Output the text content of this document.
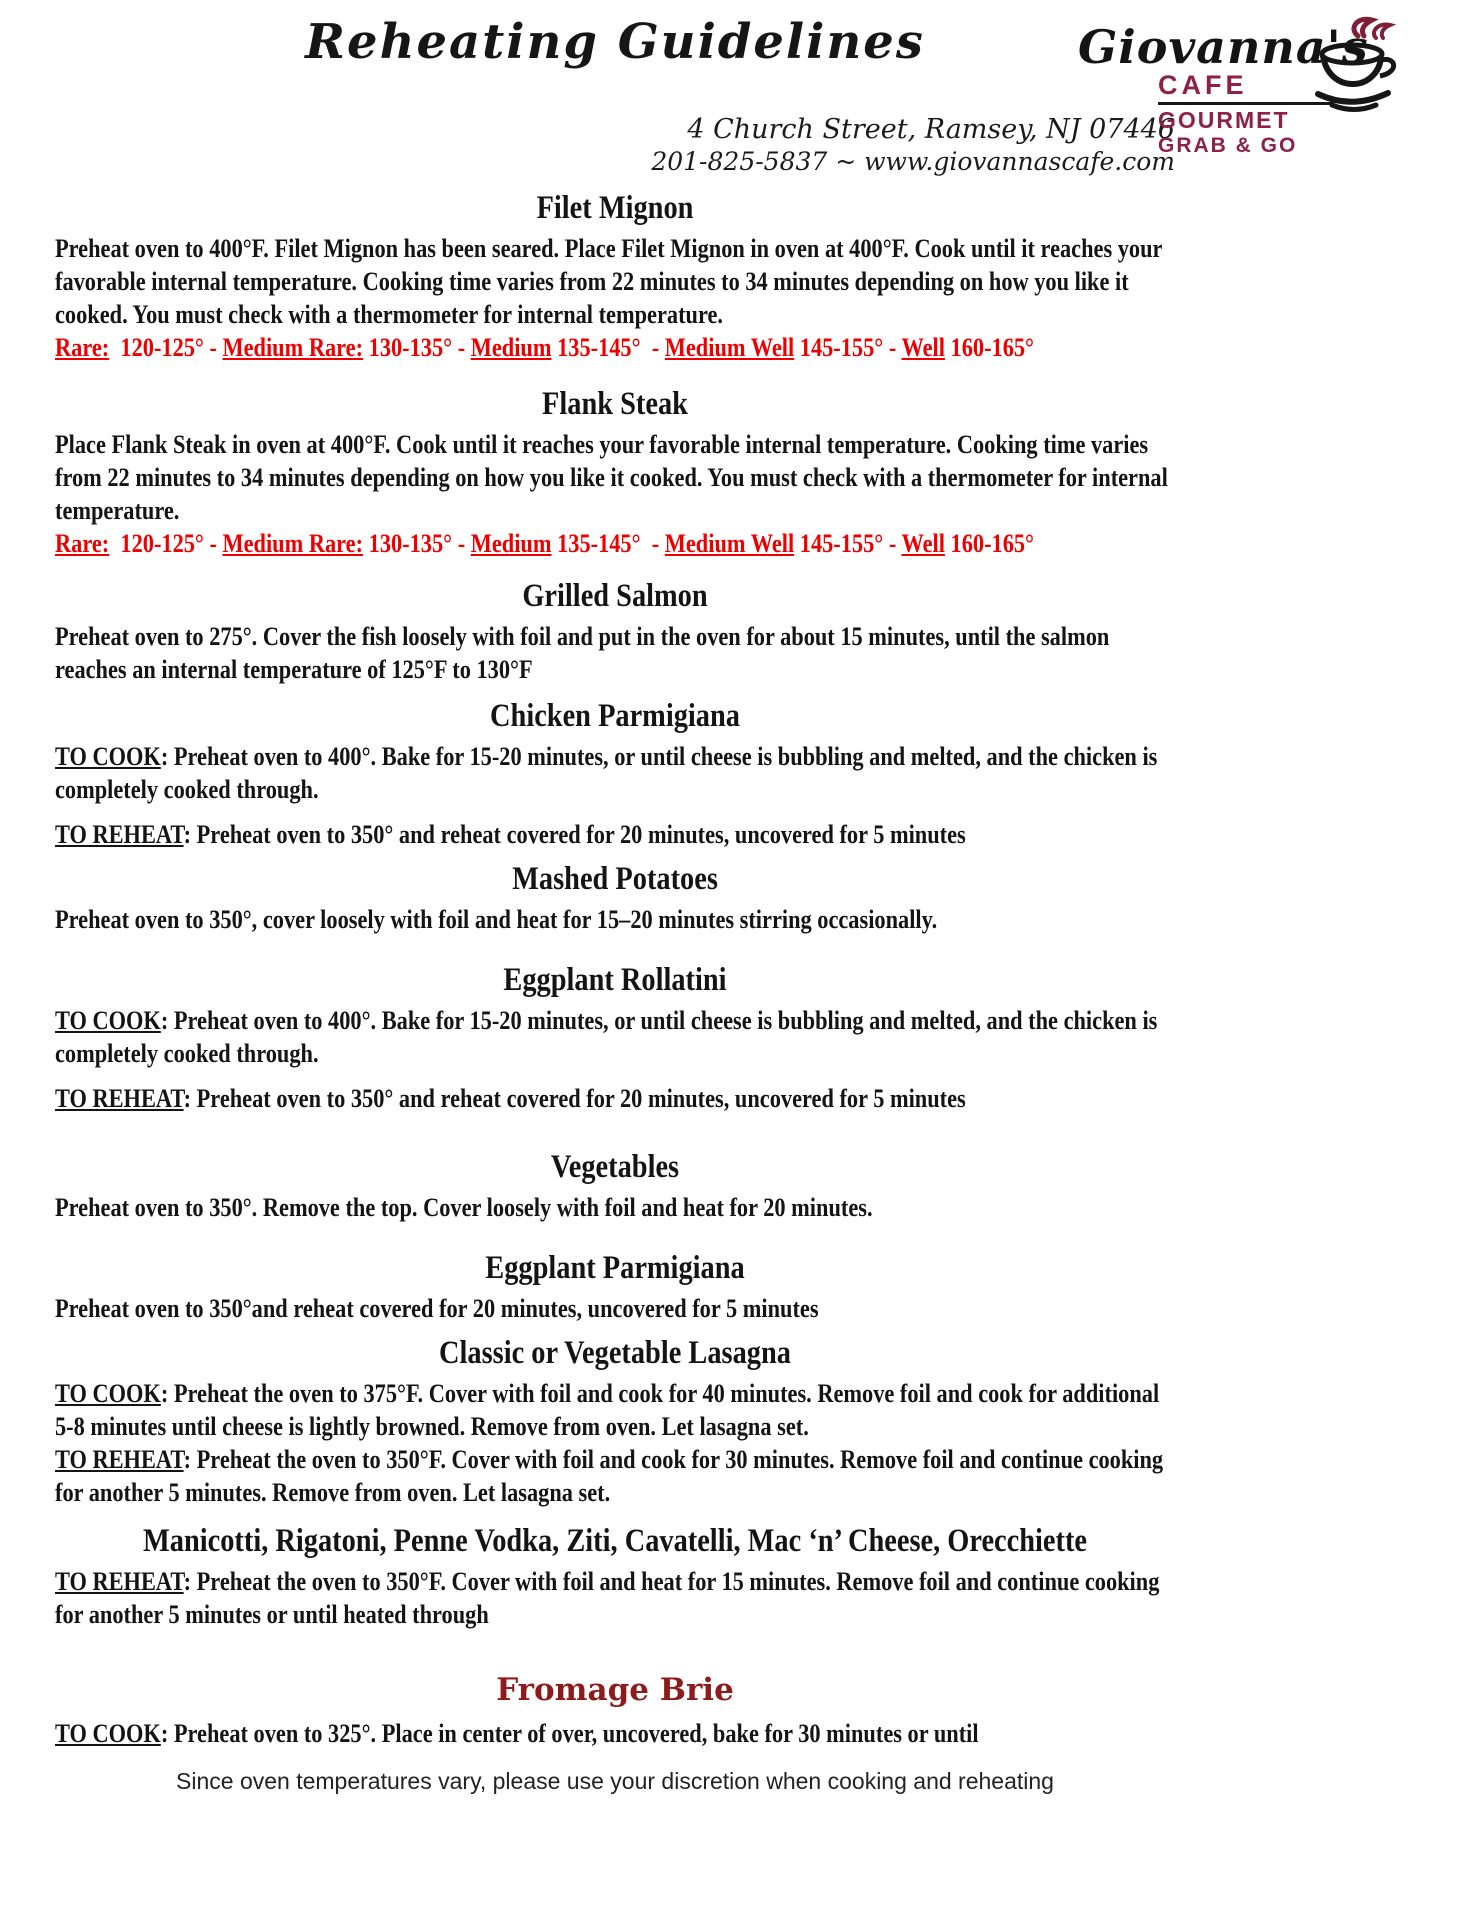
Reheating Guidelines	Giovanna's
CAFE
GOURMET
GRAB & GO
4 Church Street, Ramsey, NJ 07446
201-825-5837 ~ www.giovannascafe.com
Filet Mignon

Preheat oven to 400°F. Filet Mignon has been seared. Place Filet Mignon in oven at 400°F. Cook until it reaches your favorable internal temperature. Cooking time varies from 22 minutes to 34 minutes depending on how you like it cooked. You must check with a thermometer for internal temperature.

Rare:  120-125° - Medium Rare: 130-135° - Medium 135-145°  - Medium Well 145-155° - Well 160-165°

Flank Steak

Place Flank Steak in oven at 400°F. Cook until it reaches your favorable internal temperature. Cooking time varies from 22 minutes to 34 minutes depending on how you like it cooked. You must check with a thermometer for internal temperature.

Rare:  120-125° - Medium Rare: 130-135° - Medium 135-145°  - Medium Well 145-155° - Well 160-165°

Grilled Salmon

Preheat oven to 275°. Cover the fish loosely with foil and put in the oven for about 15 minutes, until the salmon reaches an internal temperature of 125°F to 130°F

Chicken Parmigiana

TO COOK: Preheat oven to 400°. Bake for 15-20 minutes, or until cheese is bubbling and melted, and the chicken is completely cooked through.

TO REHEAT: Preheat oven to 350° and reheat covered for 20 minutes, uncovered for 5 minutes

Mashed Potatoes

Preheat oven to 350°, cover loosely with foil and heat for 15–20 minutes stirring occasionally.

Eggplant Rollatini

TO COOK: Preheat oven to 400°. Bake for 15-20 minutes, or until cheese is bubbling and melted, and the chicken is completely cooked through.

TO REHEAT: Preheat oven to 350° and reheat covered for 20 minutes, uncovered for 5 minutes

Vegetables

Preheat oven to 350°. Remove the top. Cover loosely with foil and heat for 20 minutes.

Eggplant Parmigiana

Preheat oven to 350°and reheat covered for 20 minutes, uncovered for 5 minutes

Classic or Vegetable Lasagna

TO COOK: Preheat the oven to 375°F. Cover with foil and cook for 40 minutes. Remove foil and cook for additional 5-8 minutes until cheese is lightly browned. Remove from oven. Let lasagna set.

TO REHEAT: Preheat the oven to 350°F. Cover with foil and cook for 30 minutes. Remove foil and continue cooking for another 5 minutes. Remove from oven. Let lasagna set.

Manicotti, Rigatoni, Penne Vodka, Ziti, Cavatelli, Mac ‘n’ Cheese, Orecchiette

TO REHEAT: Preheat the oven to 350°F. Cover with foil and heat for 15 minutes. Remove foil and continue cooking for another 5 minutes or until heated through

Fromage Brie

TO COOK: Preheat oven to 325°. Place in center of over, uncovered, bake for 30 minutes or until

Since oven temperatures vary, please use your discretion when cooking and reheating
